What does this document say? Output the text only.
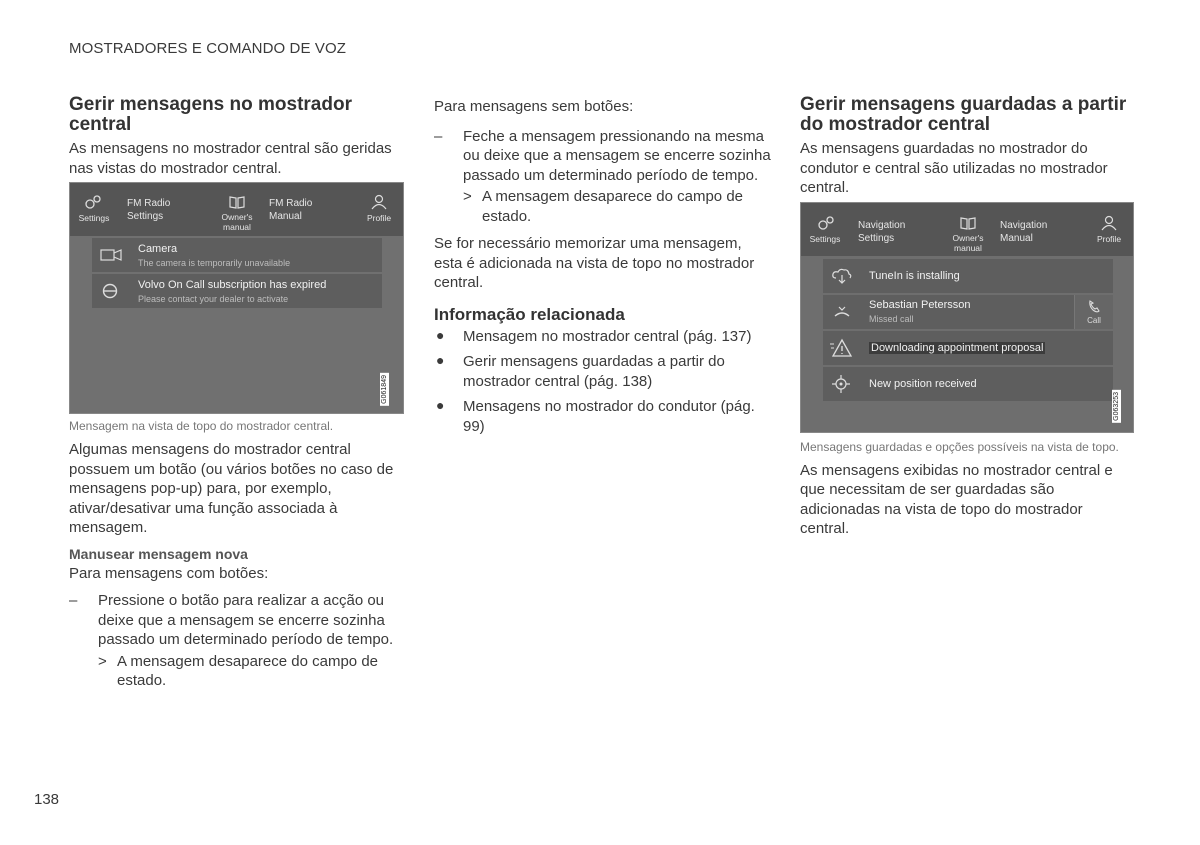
MOSTRADORES E COMANDO DE VOZ
Gerir mensagens no mostrador central

As mensagens no mostrador central são geridas nas vistas do mostrador central.

Settings
FM Radio
Settings	Owner's
manual
FM Radio
Manual	Profile
Camera
The camera is temporarily unavailable
Volvo On Call subscription has expired
Please contact your dealer to activate
G061849
Mensagem na vista de topo do mostrador central.

Algumas mensagens do mostrador central possuem um botão (ou vários botões no caso de mensagens pop-up) para, por exemplo, ativar/desativar uma função associada à mensagem.

Manusear mensagem nova

Para mensagens com botões:

– Pressione o botão para realizar a acção ou deixe que a mensagem se encerre sozinha passado um determinado período de tempo.
> A mensagem desaparece do campo de estado.

Para mensagens sem botões:

– Feche a mensagem pressionando na mesma ou deixe que a mensagem se encerre sozinha passado um determinado período de tempo.
> A mensagem desaparece do campo de estado.

Se for necessário memorizar uma mensagem, esta é adicionada na vista de topo no mostrador central.

Informação relacionada
● Mensagem no mostrador central (pág. 137)
● Gerir mensagens guardadas a partir do mostrador central (pág. 138)
● Mensagens no mostrador do condutor (pág. 99)
Gerir mensagens guardadas a partir do mostrador central

As mensagens guardadas no mostrador do condutor e central são utilizadas no mostrador central.

Settings
Navigation
Settings	Owner's
manual
Navigation
Manual	Profile
TuneIn is installing
Sebastian Petersson
Missed call	Call
Downloading appointment proposal
New position received
G063253
Mensagens guardadas e opções possíveis na vista de topo.

As mensagens exibidas no mostrador central e que necessitam de ser guardadas são adicionadas na vista de topo do mostrador central.

138
